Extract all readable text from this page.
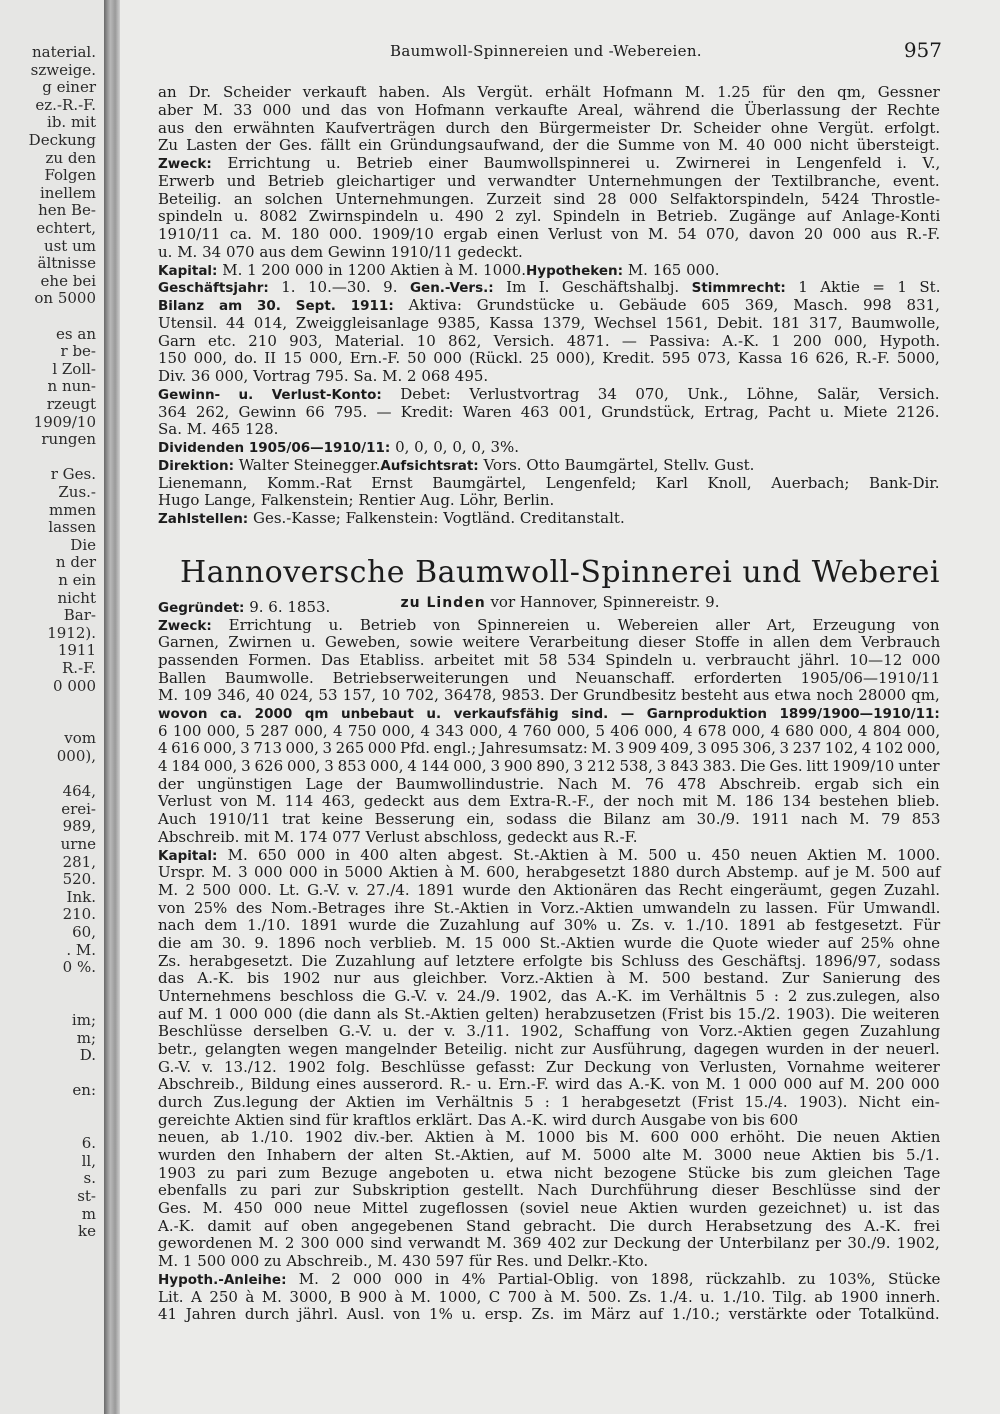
naterial.
szweige.
g einer
ez.-R.-F.
ib. mit
Deckung
zu den
Folgen
inellem
hen Be-
echtert,
ust um
ältnisse
ehe bei
on 5000
es an
r be-
l Zoll-
n nun-
rzeugt
1909/10
rungen
r Ges.
Zus.-
mmen
lassen
Die
n der
n ein
nicht
Bar-
1912).
1911
R.-F.
0 000
vom
000),
464,
erei-
989,
urne
281,
520.
Ink.
210.
60,
. M.
0 %.
im;
m;
D.
en:
6.
ll,
s.
st-
m
ke
Baumwoll-Spinnereien und -Webereien.	957
an Dr. Scheider verkauft haben. Als Vergüt. erhält Hofmann M. 1.25 für den qm, Gessner
aber M. 33 000 und das von Hofmann verkaufte Areal, während die Überlassung der Rechte
aus den erwähnten Kaufverträgen durch den Bürgermeister Dr. Scheider ohne Vergüt. erfolgt.
Zu Lasten der Ges. fällt ein Gründungsaufwand, der die Summe von M. 40 000 nicht übersteigt.
Zweck: Errichtung u. Betrieb einer Baumwollspinnerei u. Zwirnerei in Lengenfeld i. V.,
Erwerb und Betrieb gleichartiger und verwandter Unternehmungen der Textilbranche, event.
Beteilig. an solchen Unternehmungen. Zurzeit sind 28 000 Selfaktorspindeln, 5424 Throstle-
spindeln u. 8082 Zwirnspindeln u. 490 2 zyl. Spindeln in Betrieb. Zugänge auf Anlage-Konti
1910/11 ca. M. 180 000. 1909/10 ergab einen Verlust von M. 54 070, davon 20 000 aus R.-F.
u. M. 34 070 aus dem Gewinn 1910/11 gedeckt.
Kapital: M. 1 200 000 in 1200 Aktien à M. 1000.Hypotheken: M. 165 000.
Geschäftsjahr: 1. 10.—30. 9. Gen.-Vers.: Im I. Geschäftshalbj. Stimmrecht: 1 Aktie = 1 St.
Bilanz am 30. Sept. 1911: Aktiva: Grundstücke u. Gebäude 605 369, Masch. 998 831,
Utensil. 44 014, Zweiggleisanlage 9385, Kassa 1379, Wechsel 1561, Debit. 181 317, Baumwolle,
Garn etc. 210 903, Material. 10 862, Versich. 4871. — Passiva: A.-K. 1 200 000, Hypoth.
150 000, do. II 15 000, Ern.-F. 50 000 (Rückl. 25 000), Kredit. 595 073, Kassa 16 626, R.-F. 5000,
Div. 36 000, Vortrag 795. Sa. M. 2 068 495.
Gewinn- u. Verlust-Konto: Debet: Verlustvortrag 34 070, Unk., Löhne, Salär, Versich.
364 262, Gewinn 66 795. — Kredit: Waren 463 001, Grundstück, Ertrag, Pacht u. Miete 2126.
Sa. M. 465 128.
Dividenden 1905/06—1910/11: 0, 0, 0, 0, 0, 3%.
Direktion: Walter Steinegger.Aufsichtsrat: Vors. Otto Baumgärtel, Stellv. Gust.
Lienemann, Komm.-Rat Ernst Baumgärtel, Lengenfeld; Karl Knoll, Auerbach; Bank-Dir.
Hugo Lange, Falkenstein; Rentier Aug. Löhr, Berlin.
Zahlstellen: Ges.-Kasse; Falkenstein: Vogtländ. Creditanstalt.
Hannoversche Baumwoll-Spinnerei und Weberei
zu Linden vor Hannover, Spinnereistr. 9.
Gegründet: 9. 6. 1853.
Zweck: Errichtung u. Betrieb von Spinnereien u. Webereien aller Art, Erzeugung von
Garnen, Zwirnen u. Geweben, sowie weitere Verarbeitung dieser Stoffe in allen dem Verbrauch
passenden Formen. Das Etabliss. arbeitet mit 58 534 Spindeln u. verbraucht jährl. 10—12 000
Ballen Baumwolle. Betriebserweiterungen und Neuanschaff. erforderten 1905/06—1910/11
M. 109 346, 40 024, 53 157, 10 702, 36478, 9853. Der Grundbesitz besteht aus etwa noch 28000 qm,
wovon ca. 2000 qm unbebaut u. verkaufsfähig sind. — Garnproduktion 1899/1900—1910/11:
6 100 000, 5 287 000, 4 750 000, 4 343 000, 4 760 000, 5 406 000, 4 678 000, 4 680 000, 4 804 000,
4 616 000, 3 713 000, 3 265 000 Pfd. engl.; Jahresumsatz: M. 3 909 409, 3 095 306, 3 237 102, 4 102 000,
4 184 000, 3 626 000, 3 853 000, 4 144 000, 3 900 890, 3 212 538, 3 843 383. Die Ges. litt 1909/10 unter
der ungünstigen Lage der Baumwollindustrie. Nach M. 76 478 Abschreib. ergab sich ein
Verlust von M. 114 463, gedeckt aus dem Extra-R.-F., der noch mit M. 186 134 bestehen blieb.
Auch 1910/11 trat keine Besserung ein, sodass die Bilanz am 30./9. 1911 nach M. 79 853
Abschreib. mit M. 174 077 Verlust abschloss, gedeckt aus R.-F.
Kapital: M. 650 000 in 400 alten abgest. St.-Aktien à M. 500 u. 450 neuen Aktien M. 1000.
Urspr. M. 3 000 000 in 5000 Aktien à M. 600, herabgesetzt 1880 durch Abstemp. auf je M. 500 auf
M. 2 500 000. Lt. G.-V. v. 27./4. 1891 wurde den Aktionären das Recht eingeräumt, gegen Zuzahl.
von 25% des Nom.-Betrages ihre St.-Aktien in Vorz.-Aktien umwandeln zu lassen. Für Umwandl.
nach dem 1./10. 1891 wurde die Zuzahlung auf 30% u. Zs. v. 1./10. 1891 ab festgesetzt. Für
die am 30. 9. 1896 noch verblieb. M. 15 000 St.-Aktien wurde die Quote wieder auf 25% ohne
Zs. herabgesetzt. Die Zuzahlung auf letztere erfolgte bis Schluss des Geschäftsj. 1896/97, sodass
das A.-K. bis 1902 nur aus gleichber. Vorz.-Aktien à M. 500 bestand. Zur Sanierung des
Unternehmens beschloss die G.-V. v. 24./9. 1902, das A.-K. im Verhältnis 5 : 2 zus.zulegen, also
auf M. 1 000 000 (die dann als St.-Aktien gelten) herabzusetzen (Frist bis 15./2. 1903). Die weiteren
Beschlüsse derselben G.-V. u. der v. 3./11. 1902, Schaffung von Vorz.-Aktien gegen Zuzahlung
betr., gelangten wegen mangelnder Beteilig. nicht zur Ausführung, dagegen wurden in der neuerl.
G.-V. v. 13./12. 1902 folg. Beschlüsse gefasst: Zur Deckung von Verlusten, Vornahme weiterer
Abschreib., Bildung eines ausserord. R.- u. Ern.-F. wird das A.-K. von M. 1 000 000 auf M. 200 000
durch Zus.legung der Aktien im Verhältnis 5 : 1 herabgesetzt (Frist 15./4. 1903). Nicht ein-
gereichte Aktien sind für kraftlos erklärt. Das A.-K. wird durch Ausgabe von bis 600
neuen, ab 1./10. 1902 div.-ber. Aktien à M. 1000 bis M. 600 000 erhöht. Die neuen Aktien
wurden den Inhabern der alten St.-Aktien, auf M. 5000 alte M. 3000 neue Aktien bis 5./1.
1903 zu pari zum Bezuge angeboten u. etwa nicht bezogene Stücke bis zum gleichen Tage
ebenfalls zu pari zur Subskription gestellt. Nach Durchführung dieser Beschlüsse sind der
Ges. M. 450 000 neue Mittel zugeflossen (soviel neue Aktien wurden gezeichnet) u. ist das
A.-K. damit auf oben angegebenen Stand gebracht. Die durch Herabsetzung des A.-K. frei
gewordenen M. 2 300 000 sind verwandt M. 369 402 zur Deckung der Unterbilanz per 30./9. 1902,
M. 1 500 000 zu Abschreib., M. 430 597 für Res. und Delkr.-Kto.
Hypoth.-Anleihe: M. 2 000 000 in 4% Partial-Oblig. von 1898, rückzahlb. zu 103%, Stücke
Lit. A 250 à M. 3000, B 900 à M. 1000, C 700 à M. 500. Zs. 1./4. u. 1./10. Tilg. ab 1900 innerh.
41 Jahren durch jährl. Ausl. von 1% u. ersp. Zs. im März auf 1./10.; verstärkte oder Totalkünd.
